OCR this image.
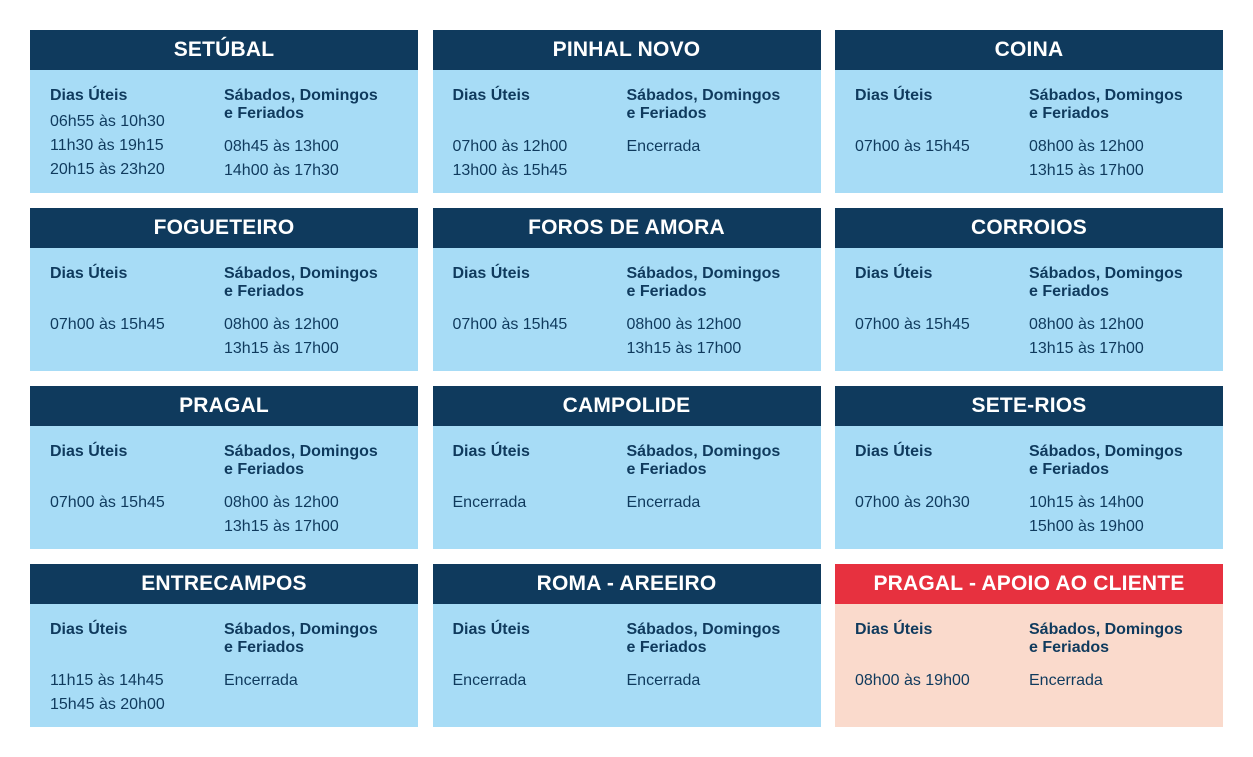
SETÚBAL
Dias Úteis
06h55 às 10h30
11h30 às 19h15
20h15 às 23h20
Sábados, Domingos
e Feriados
08h45 às 13h00
14h00 às 17h30
PINHAL NOVO
Dias Úteis
07h00 às 12h00
13h00 às 15h45
Sábados, Domingos
e Feriados
Encerrada
COINA
Dias Úteis
07h00 às 15h45
Sábados, Domingos
e Feriados
08h00 às 12h00
13h15 às 17h00
FOGUETEIRO
Dias Úteis
07h00 às 15h45
Sábados, Domingos
e Feriados
08h00 às 12h00
13h15 às 17h00
FOROS DE AMORA
Dias Úteis
07h00 às 15h45
Sábados, Domingos
e Feriados
08h00 às 12h00
13h15 às 17h00
CORROIOS
Dias Úteis
07h00 às 15h45
Sábados, Domingos
e Feriados
08h00 às 12h00
13h15 às 17h00
PRAGAL
Dias Úteis
07h00 às 15h45
Sábados, Domingos
e Feriados
08h00 às 12h00
13h15 às 17h00
CAMPOLIDE
Dias Úteis
Encerrada
Sábados, Domingos
e Feriados
Encerrada
SETE-RIOS
Dias Úteis
07h00 às 20h30
Sábados, Domingos
e Feriados
10h15 às 14h00
15h00 às 19h00
ENTRECAMPOS
Dias Úteis
11h15 às 14h45
15h45 às 20h00
Sábados, Domingos
e Feriados
Encerrada
ROMA - AREEIRO
Dias Úteis
Encerrada
Sábados, Domingos
e Feriados
Encerrada
PRAGAL - APOIO AO CLIENTE
Dias Úteis
08h00 às 19h00
Sábados, Domingos
e Feriados
Encerrada
